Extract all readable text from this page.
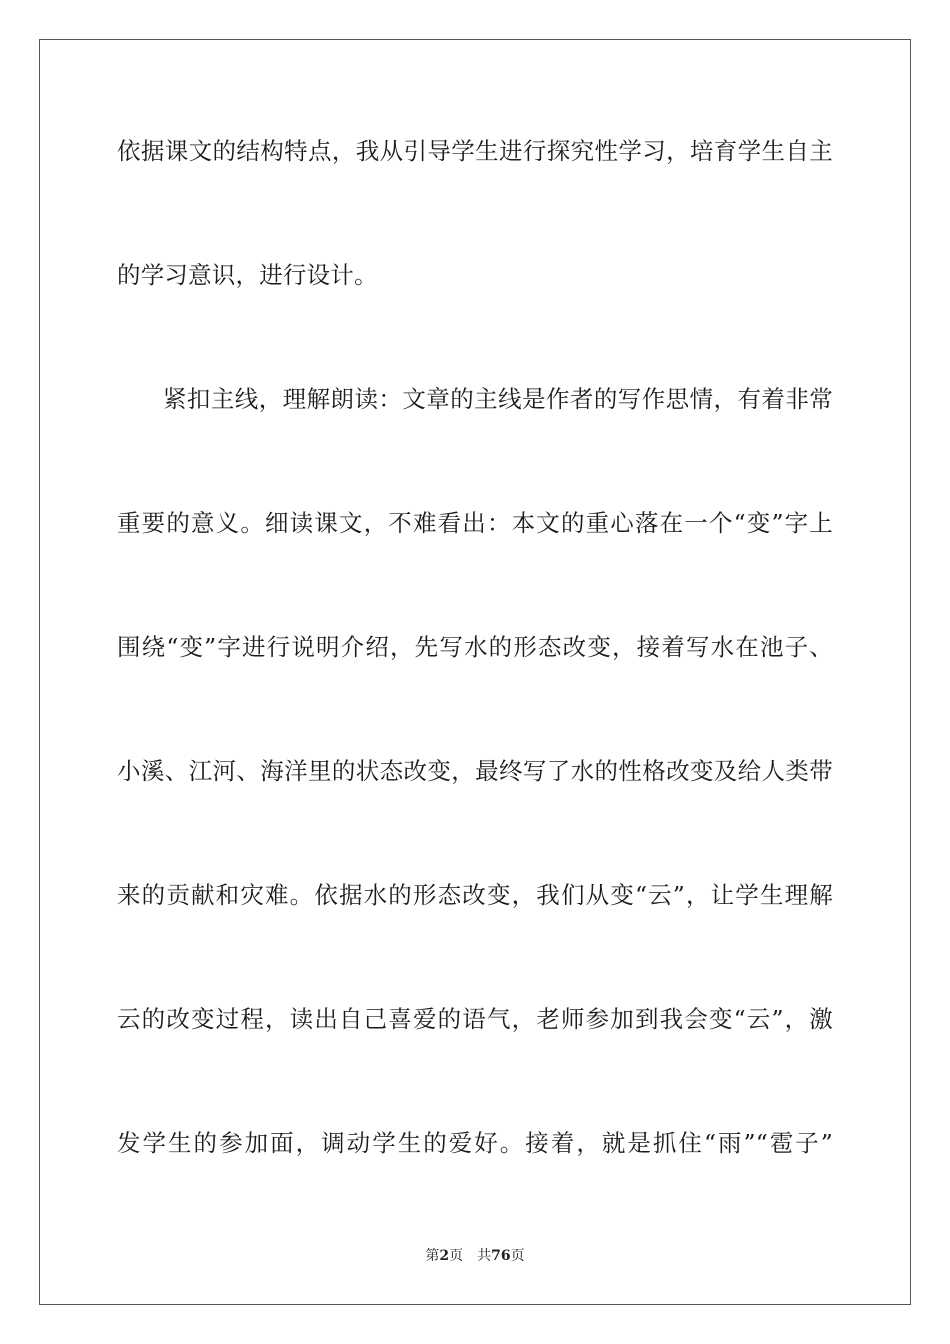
依据课文的结构特点，我从引导学生进行探究性学习，培育学生自主
的学习意识，进行设计。
紧扣主线，理解朗读：文章的主线是作者的写作思情，有着非常
重要的意义。细读课文，不难看出：本文的重心落在一个“变”字上
围绕“变”字进行说明介绍，先写水的形态改变，接着写水在池子、
小溪、江河、海洋里的状态改变，最终写了水的性格改变及给人类带
来的贡献和灾难。依据水的形态改变，我们从变“云”，让学生理解
云的改变过程，读出自己喜爱的语气，老师参加到我会变“云”，激
发学生的参加面，调动学生的爱好。接着，就是抓住“雨”“雹子”
第2页 共76页
